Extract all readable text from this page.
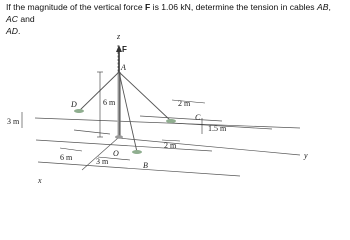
If the magnitude of the vertical force F is 1.06 kN, determine the tension in cables AB, AC and
AD.
z
y
x
F
A
D
C
O
B
6 m
3 m
6 m	3 m
2 m
1.5 m
2 m
